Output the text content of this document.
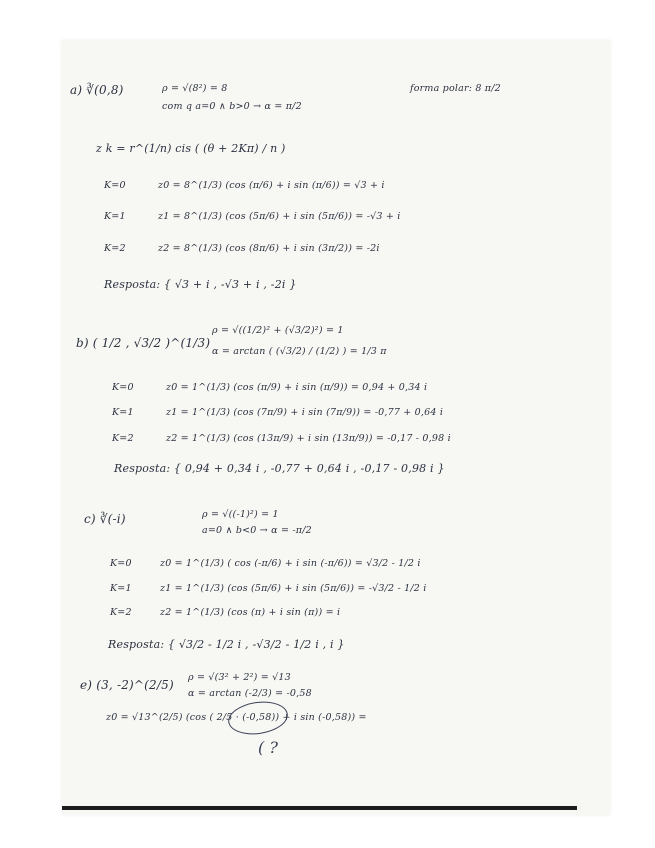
a) ∛(0,8)	ρ = √(8²) = 8	forma polar: 8 π/2
com q a=0 ∧ b>0 → α = π/2
z k = r^(1/n) cis ( (θ + 2Kπ) / n )
K=0	z0 = 8^(1/3) (cos (π/6) + i sin (π/6)) = √3 + i
K=1	z1 = 8^(1/3) (cos (5π/6) + i sin (5π/6)) = -√3 + i
K=2	z2 = 8^(1/3) (cos (8π/6) + i sin (3π/2)) = -2i
Resposta: { √3 + i , -√3 + i , -2i }
b) ( 1/2 , √3/2 )^(1/3)
ρ = √((1/2)² + (√3/2)²) = 1
α = arctan ( (√3/2) / (1/2) ) = 1/3 π
K=0	z0 = 1^(1/3) (cos (π/9) + i sin (π/9)) = 0,94 + 0,34 i
K=1	z1 = 1^(1/3) (cos (7π/9) + i sin (7π/9)) = -0,77 + 0,64 i
K=2	z2 = 1^(1/3) (cos (13π/9) + i sin (13π/9)) = -0,17 - 0,98 i
Resposta: { 0,94 + 0,34 i , -0,77 + 0,64 i , -0,17 - 0,98 i }
c) ∛(-i)	ρ = √((-1)²) = 1
a=0 ∧ b<0 → α = -π/2
K=0	z0 = 1^(1/3) ( cos (-π/6) + i sin (-π/6)) = √3/2 - 1/2 i
K=1	z1 = 1^(1/3) (cos (5π/6) + i sin (5π/6)) = -√3/2 - 1/2 i
K=2	z2 = 1^(1/3) (cos (π) + i sin (π)) = i
Resposta: { √3/2 - 1/2 i , -√3/2 - 1/2 i , i }
e) (3, -2)^(2/5)
ρ = √(3² + 2²) = √13
α = arctan (-2/3) = -0,58
z0 = √13^(2/5) (cos ( 2/5 · (-0,58)) + i sin (-0,58)) =
( ?
